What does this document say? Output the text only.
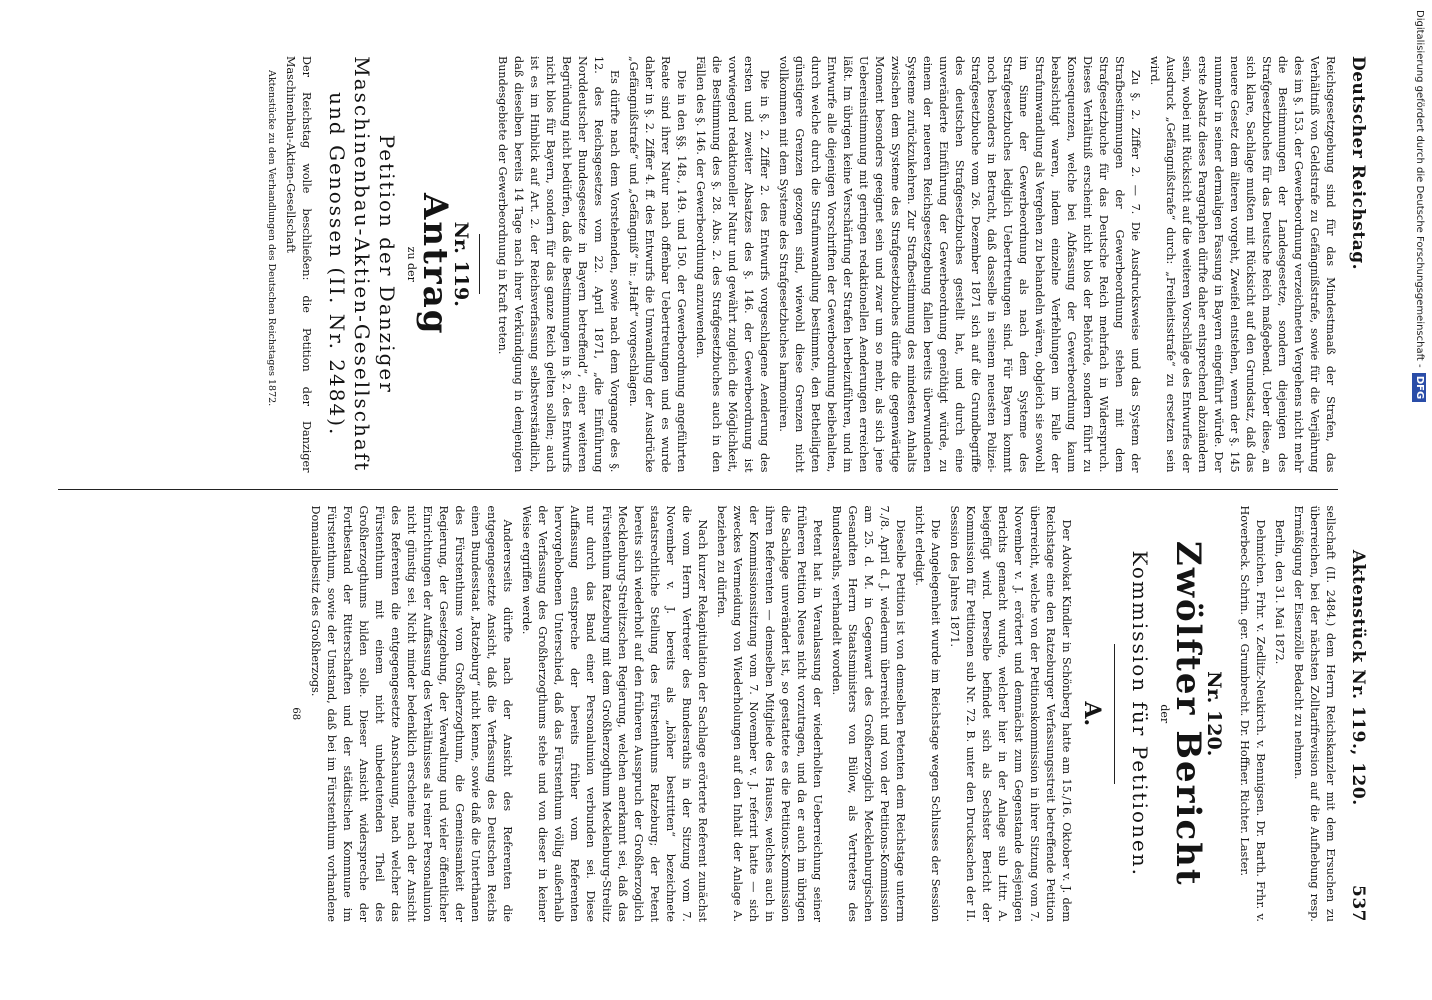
Deutscher Reichstag.
Aktenstück Nr. 119., 120.
537

Reichsgesetzgebung sind für das Mindestmaaß der Strafen, das Verhältniß von Geldstrafe zu Gefängnißstrafe, sowie für die Verjährung des im §. 153. der Gewerbeordnung verzeichneten Vergehens nicht mehr die Bestimmungen der Landesgesetze, sondern diejenigen des Strafgesetzbuches für das Deutsche Reich maßgebend. Ueber diese, an sich klare, Sachlage mußten mit Rücksicht auf den Grundsatz, daß das neuere Gesetz dem älteren vorgeht, Zweifel entstehen, wenn der §. 145 nunmehr in seiner dermaligen Fassung in Bayern eingeführt würde. Der erste Absatz dieses Paragraphen dürfte daher entsprechend abzuändern sein, wobei mit Rücksicht auf die weiteren Vorschläge des Entwurfes der Ausdruck „Gefängnißstrafe“ durch: „Freiheitsstrafe“ zu ersetzen sein wird.

Zu §. 2. Ziffer 2. — 7. Die Ausdrucksweise und das System der Strafbestimmungen der Gewerbeordnung stehen mit dem Strafgesetzbuche für das Deutsche Reich mehrfach in Widerspruch. Dieses Verhältniß erscheint nicht blos der Behörde, sondern führt zu Konsequenzen, welche bei Abfassung der Gewerbeordnung kaum beabsichtigt waren, indem einzelne Verfehlungen im Falle der Strafumwandlung als Vergehen zu behandeln wären, obgleich sie sowohl im Sinne der Gewerbeordnung als nach dem Systeme des Strafgesetzbuches lediglich Uebertretungen sind. Für Bayern kommt noch besonders in Betracht, daß dasselbe in seinem neuesten Polizei-Strafgesetzbuche vom 26. Dezember 1871 sich auf die Grundbegriffe des deutschen Strafgesetzbuches gestellt hat, und durch eine unveränderte Einführung der Gewerbeordnung genöthigt würde, zu einem der neueren Reichsgesetzgebung fallen bereits überwundenen Systeme zurückzukehren. Zur Strafbestimmung des mindesten Anhalts zwischen dem Systeme des Strafgesetzbuches dürfte die gegenwärtige Moment besonders geeignet sein und zwar um so mehr, als sich jene Uebereinstimmung mit geringen redaktionellen Aenderungen erreichen läßt. Im übrigen keine Verschärfung der Strafen herbeizuführen, und im Entwurfe alle diejenigen Vorschriften der Gewerbeordnung beibehalten, durch welche durch die Strafumwandlung bestimmte, den Betheiligten günstigere Grenzen gezogen sind, wiewohl diese Grenzen nicht vollkommen mit dem Systeme des Strafgesetzbuches harmoniren.

Die in §. 2. Ziffer 2. des Entwurfs vorgeschlagene Aenderung des ersten und zweiter Absatzes des §. 146. der Gewerbeordnung ist vorwiegend redaktioneller Natur und gewährt zugleich die Möglichkeit, die Bestimmung des §. 28. Abs. 2. des Strafgesetzbuches auch in den Fällen des §. 146. der Gewerbeordnung anzuwenden.

Die in den §§. 148., 149. und 150. der Gewerbeordnung angeführten Reate sind ihrer Natur nach offenbar Uebertretungen und es wurde daher in §. 2. Ziffer 4. ff. des Entwurfs die Umwandlung der Ausdrücke „Gefängnißstrafe“ und „Gefängniß“ in: „Haft“ vorgeschlagen.

Es dürfte nach dem Vorstehenden, sowie nach dem Vorgange des §. 12. des Reichsgesetzes vom 22. April 1871, „die Einführung Norddeutscher Bundesgesetze in Bayern betreffend“, einer weiteren Begründung nicht bedürfen, daß die Bestimmungen in §. 2. des Entwurfs nicht blos für Bayern, sondern für das ganze Reich gelten sollen; auch ist es im Hinblick auf Art. 2. der Reichsverfassung selbstverständlich, daß dieselben bereits 14 Tage nach ihrer Verkündigung in demjenigen Bundesgebiete der Gewerbeordnung in Kraft treten.

Nr. 119.
Antrag
zu der
Petition der Danziger Maschinenbau-Aktien-Gesellschaft und Genossen (II. Nr. 2484).

Der Reichstag wolle beschließen: die Petition der Danziger Maschinenbau-Aktien-Gesellschaft

Aktenstücke zu den Verhandlungen des Deutschen Reichstages 1872.

sellschaft (II. 2484.) dem Herrn Reichskanzler mit dem Ersuchen zu überreichen, bei der nächsten Zolltarifrevision auf die Aufhebung resp. Ermäßigung der Eisenzölle Bedacht zu nehmen.

Berlin, den 31. Mai 1872.

Dehmichen. Frhr. v. Zedlitz-Neukirch. v. Bennigsen. Dr. Barth. Frhr. v. Hoverbeck. Schrin. ger. Grumbrecht. Dr. Hoffner. Richter. Laster.

Nr. 120.
Zwölfter Bericht
der
Kommission für Petitionen.
A.

Der Advokat Kindler in Schönberg hatte am 15./16. Oktober v. J. dem Reichstage eine den Ratzeburger Verfassungsstreit betreffende Petition überreicht, welche von der Petitionskommission in ihrer Sitzung vom 7. November v. J. erörtert und demnächst zum Gegenstande desjenigen Berichts gemacht wurde, welcher hier in der Anlage sub Littr. A. beigefügt wird. Derselbe befindet sich als Sechster Bericht der Kommission für Petitionen sub Nr. 72. B. unter den Drucksachen der II. Session des Jahres 1871.

Die Angelegenheit wurde im Reichstage wegen Schlusses der Session nicht erledigt.

Dieselbe Petition ist von demselben Petenten dem Reichstage unterm 7./8. April d. J. wiederum überreicht und von der Petitions-Kommission am 25. d. M. in Gegenwart des Großherzoglich Mecklenburgischen Gesandten Herrn Staatsministers von Bülow, als Vertreters des Bundesraths, verhandelt worden.

Petent hat in Veranlassung der wiederholten Ueberreichung seiner früheren Petition Neues nicht vorzutragen, und da er auch im übrigen die Sachlage unverändert ist, so gestattete es die Petitions-Kommission ihren Referenten — demselben Mitgliede des Hauses, welches auch in der Kommissionssitzung vom 7. November v. J. referirt hatte — sich zweckes Vermeidung von Wiederholungen auf den Inhalt der Anlage A. beziehen zu dürfen.

Nach kurzer Rekapitulation der Sachlage erörterte Referent zunächst die vom Herrn Vertreter des Bundesraths in der Sitzung vom 7. November v. J. bereits als „höher bestritten“ bezeichnete staatsrechtliche Stellung des Fürstenthums Ratzeburg; der Petent bereits sich wiederholt auf den früheren Ausspruch der Großherzoglich Mecklenburg-Strelitzschen Regierung, welchen anerkannt sei, daß das Fürstenthum Ratzeburg mit dem Großherzogthum Mecklenburg-Strelitz nur durch das Band einer Personalunion verbunden sei. Diese Auffassung entspreche der bereits früher vom Referenten hervorgehobenen Unterschied, daß das Fürstenthum völlig außerhalb der Verfassung des Großherzogthums stehe und von dieser in keiner Weise ergriffen werde.

Andererseits dürfte nach der Ansicht des Referenten die entgegengesetzte Ansicht, daß die Verfassung des Deutschen Reichs einen Bundesstaat „Ratzeburg“ nicht kenne, sowie daß die Unterthanen des Fürstenthums vom Großherzogthum, die Gemeinsamkeit der Regierung, der Gesetzgebung, der Verwaltung und vieler öffentlicher Einrichtungen der Auffassung des Verhältnisses als reiner Personalunion nicht günstig sei. Nicht minder bedenklich erscheine nach der Ansicht des Referenten die entgegengesetzte Anschauung, nach welcher das Fürstenthum mit einem nicht unbedeutenden Theil des Großherzogthums bilden solle. Dieser Ansicht widerspreche der Fortbestand der Ritterschaften und der städtischen Kommune im Fürstenthum, sowie der Umstand, daß bei im Fürstenthum vorhandene Domanialbesitz des Großherzogs.

68
Digitalisierung gefördert durch die Deutsche Forschungsgemeinschaft - DFG
